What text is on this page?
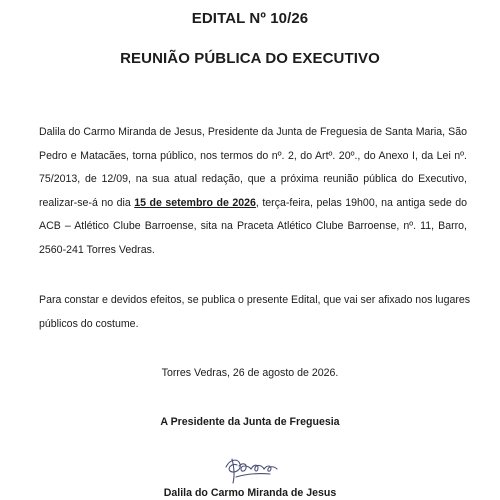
EDITAL Nº 10/26
REUNIÃO PÚBLICA DO EXECUTIVO

Dalila do Carmo Miranda de Jesus, Presidente da Junta de Freguesia de Santa Maria, São
Pedro e Matacães, torna público, nos termos do nº. 2, do Artº. 20º., do Anexo I, da Lei nº.
75/2013, de 12/09, na sua atual redação, que a próxima reunião pública do Executivo,
realizar-se-á no dia 15 de setembro de 2026, terça-feira, pelas 19h00, na antiga sede do
ACB – Atlético Clube Barroense, sita na Praceta Atlético Clube Barroense, nº. 11, Barro,
2560-241 Torres Vedras.

Para constar e devidos efeitos, se publica o presente Edital, que vai ser afixado nos lugares
públicos do costume.

Torres Vedras, 26 de agosto de 2026.
A Presidente da Junta de Freguesia
Dalila do Carmo Miranda de Jesus
